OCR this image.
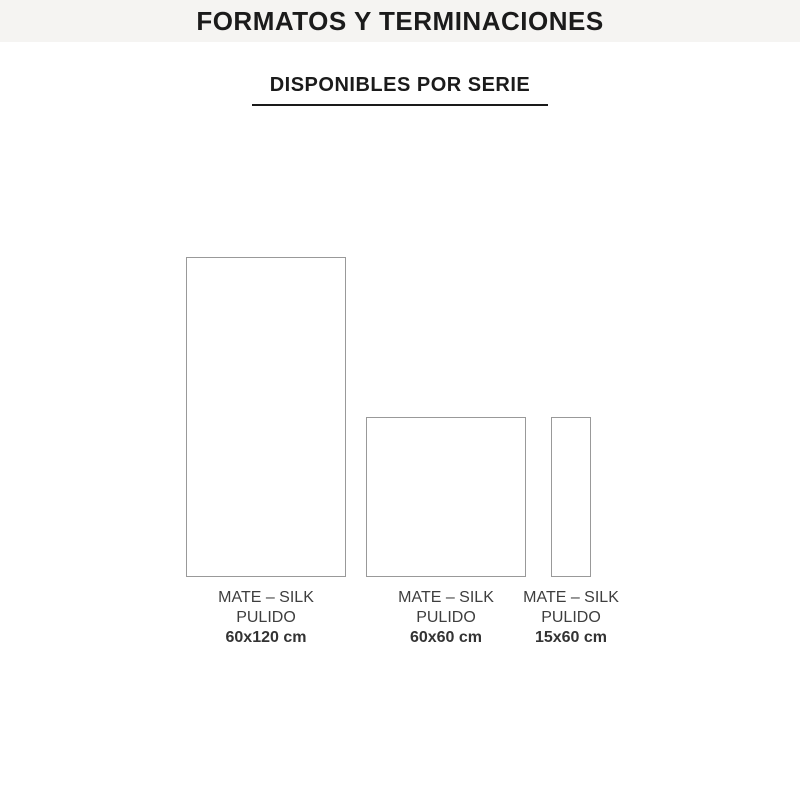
FORMATOS Y TERMINACIONES
DISPONIBLES POR SERIE
MATE – SILK
PULIDO
60x120 cm
MATE – SILK
PULIDO
60x60 cm
MATE – SILK
PULIDO
15x60 cm
